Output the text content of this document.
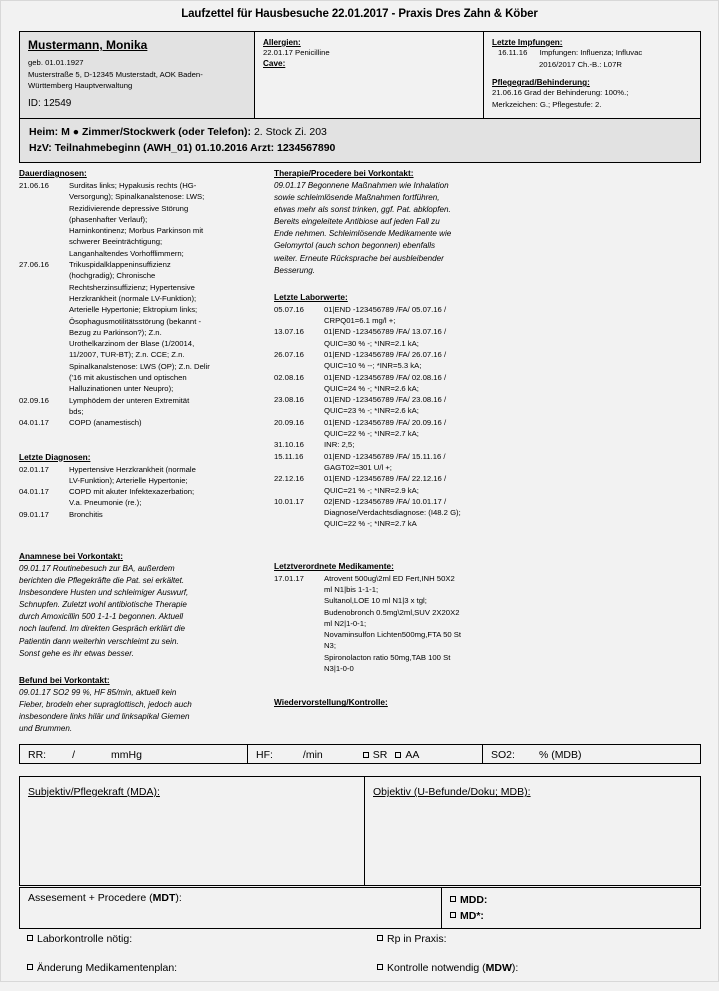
Laufzettel für Hausbesuche 22.01.2017 - Praxis Dres Zahn & Köber
Mustermann, Monika
geb. 01.01.1927
Musterstraße 5, D-12345 Musterstadt, AOK Baden-
Württemberg Hauptverwaltung
ID: 12549
Allergien:
22.01.17 Penicilline
Cave:
Letzte Impfungen:
16.11.16 Impfungen: Influenza; Influvac
2016/2017 Ch.-B.: L07R
Pflegegrad/Behinderung:
21.06.16 Grad der Behinderung: 100%.;
Merkzeichen: G.; Pflegestufe: 2.
Heim: M ● Zimmer/Stockwerk (oder Telefon): 2. Stock Zi. 203
HzV: Teilnahmebeginn (AWH_01) 01.10.2016 Arzt: 1234567890
Dauerdiagnosen:
21.06.16	Surditas links; Hypakusis rechts (HG-
Versorgung); Spinalkanalstenose: LWS;
Rezidivierende depressive Störung
(phasenhafter Verlauf);
Harninkontinenz; Morbus Parkinson mit
schwerer Beeinträchtigung;
Langanhaltendes Vorhofflimmern;
27.06.16	Trikuspidalklappeninsuffizienz
(hochgradig); Chronische
Rechtsherzinsuffizienz; Hypertensive
Herzkrankheit (normale LV-Funktion);
Arterielle Hypertonie; Ektropium links;
Ösophagusmotilitätsstörung (bekannt -
Bezug zu Parkinson?); Z.n.
Urothelkarzinom der Blase (1/20014,
11/2007, TUR-BT); Z.n. CCE; Z.n.
Spinalkanalstenose: LWS (OP); Z.n. Delir
('16 mit akustischen und optischen
Halluzinationen unter Neupro);
02.09.16	Lymphödem der unteren Extremität
bds;
04.01.17	COPD (anamestisch)
Letzte Diagnosen:
02.01.17	Hypertensive Herzkrankheit (normale
LV-Funktion); Arterielle Hypertonie;
04.01.17	COPD mit akuter Infektexazerbation;
V.a. Pneumonie (re.);
09.01.17	Bronchitis
Anamnese bei Vorkontakt:
09.01.17 Routinebesuch zur BA, außerdem
berichten die Pflegekräfte die Pat. sei erkältet.
Insbesondere Husten und schleimiger Auswurf,
Schnupfen. Zuletzt wohl antibiotische Therapie
durch Amoxicillin 500 1-1-1 begonnen. Aktuell
noch laufend. Im direkten Gespräch erklärt die
Patientin dann weiterhin verschleimt zu sein.
Sonst gehe es ihr etwas besser.
Befund bei Vorkontakt:
09.01.17 SO2 99 %, HF 85/min, aktuell kein
Fieber, brodeln eher supraglottisch, jedoch auch
insbesondere links hilär und linksapikal Giemen
und Brummen.
Therapie/Procedere bei Vorkontakt:
09.01.17 Begonnene Maßnahmen wie Inhalation
sowie schleimlösende Maßnahmen fortführen,
etwas mehr als sonst trinken, ggf. Pat. abklopfen.
Bereits eingeleitete Antibiose auf jeden Fall zu
Ende nehmen. Schleimlösende Medikamente wie
Gelomyrtol (auch schon begonnen) ebenfalls
weiter. Erneute Rücksprache bei ausbleibender
Besserung.
Letzte Laborwerte:
05.07.16	01|END -123456789 /FA/ 05.07.16 /
CRPQ01=6.1 mg/l +;
13.07.16	01|END -123456789 /FA/ 13.07.16 /
QUIC=30 % -; *INR=2.1 kA;
26.07.16	01|END -123456789 /FA/ 26.07.16 /
QUIC=10 % --; *INR=5.3 kA;
02.08.16	01|END -123456789 /FA/ 02.08.16 /
QUIC=24 % -; *INR=2.6 kA;
23.08.16	01|END -123456789 /FA/ 23.08.16 /
QUIC=23 % -; *INR=2.6 kA;
20.09.16	01|END -123456789 /FA/ 20.09.16 /
QUIC=22 % -; *INR=2.7 kA;
31.10.16	INR: 2,5;
15.11.16	01|END -123456789 /FA/ 15.11.16 /
GAGT02=301 U/l +;
22.12.16	01|END -123456789 /FA/ 22.12.16 /
QUIC=21 % -; *INR=2.9 kA;
10.01.17	02|END -123456789 /FA/ 10.01.17 /
Diagnose/Verdachtsdiagnose: (I48.2 G);
QUIC=22 % -; *INR=2.7 kA
Letztverordnete Medikamente:
17.01.17	Atrovent 500ug\2ml ED Fert,INH 50X2
ml N1|bis 1-1-1;
Sultanol,LOE 10 ml N1|3 x tgl;
Budenobronch 0.5mg\2ml,SUV 2X20X2
ml N2|1-0-1;
Novaminsulfon Lichten500mg,FTA 50 St
N3;
Spironolacton ratio 50mg,TAB 100 St
N3|1-0-0
Wiedervorstellung/Kontrolle:
RR: /	mmHg	HF:	/min	SR AA	SO2: % (MDB)
Subjektiv/Pflegekraft (MDA):	Objektiv (U-Befunde/Doku; MDB):
Assesement + Procedere (MDT):	MDD:
MD*:
Laborkontrolle nötig:	Rp in Praxis:
Änderung Medikamentenplan:	Kontrolle notwendig (MDW):
